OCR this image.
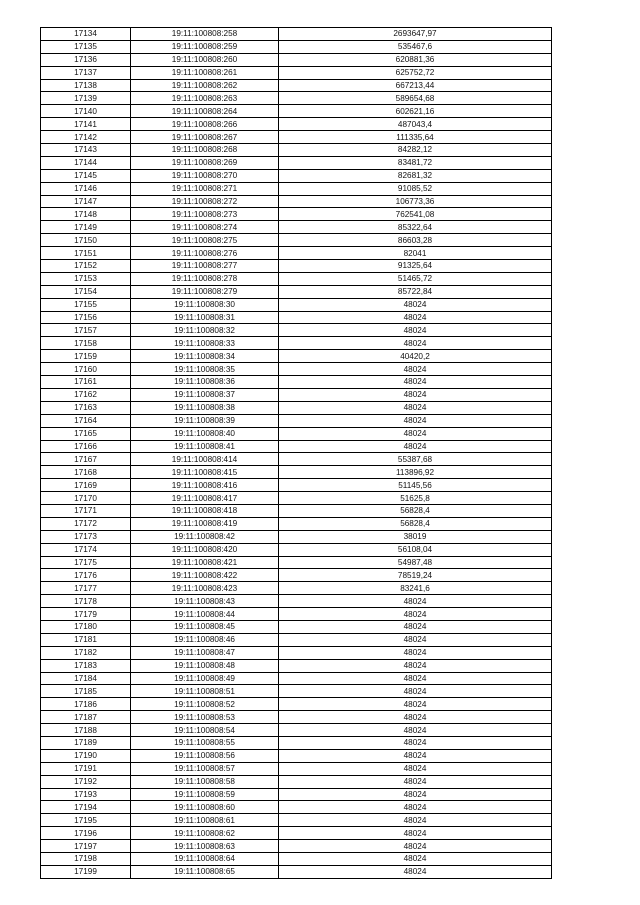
17134	19:11:100808:258	2693647,97
17135	19:11:100808:259	535467,6
17136	19:11:100808:260	620881,36
17137	19:11:100808:261	625752,72
17138	19:11:100808:262	667213,44
17139	19:11:100808:263	589654,68
17140	19:11:100808:264	602621,16
17141	19:11:100808:266	487043,4
17142	19:11:100808:267	111335,64
17143	19:11:100808:268	84282,12
17144	19:11:100808:269	83481,72
17145	19:11:100808:270	82681,32
17146	19:11:100808:271	91085,52
17147	19:11:100808:272	106773,36
17148	19:11:100808:273	762541,08
17149	19:11:100808:274	85322,64
17150	19:11:100808:275	86603,28
17151	19:11:100808:276	82041
17152	19:11:100808:277	91325,64
17153	19:11:100808:278	51465,72
17154	19:11:100808:279	85722,84
17155	19:11:100808:30	48024
17156	19:11:100808:31	48024
17157	19:11:100808:32	48024
17158	19:11:100808:33	48024
17159	19:11:100808:34	40420,2
17160	19:11:100808:35	48024
17161	19:11:100808:36	48024
17162	19:11:100808:37	48024
17163	19:11:100808:38	48024
17164	19:11:100808:39	48024
17165	19:11:100808:40	48024
17166	19:11:100808:41	48024
17167	19:11:100808:414	55387,68
17168	19:11:100808:415	113896,92
17169	19:11:100808:416	51145,56
17170	19:11:100808:417	51625,8
17171	19:11:100808:418	56828,4
17172	19:11:100808:419	56828,4
17173	19:11:100808:42	38019
17174	19:11:100808:420	56108,04
17175	19:11:100808:421	54987,48
17176	19:11:100808:422	78519,24
17177	19:11:100808:423	83241,6
17178	19:11:100808:43	48024
17179	19:11:100808:44	48024
17180	19:11:100808:45	48024
17181	19:11:100808:46	48024
17182	19:11:100808:47	48024
17183	19:11:100808:48	48024
17184	19:11:100808:49	48024
17185	19:11:100808:51	48024
17186	19:11:100808:52	48024
17187	19:11:100808:53	48024
17188	19:11:100808:54	48024
17189	19:11:100808:55	48024
17190	19:11:100808:56	48024
17191	19:11:100808:57	48024
17192	19:11:100808:58	48024
17193	19:11:100808:59	48024
17194	19:11:100808:60	48024
17195	19:11:100808:61	48024
17196	19:11:100808:62	48024
17197	19:11:100808:63	48024
17198	19:11:100808:64	48024
17199	19:11:100808:65	48024
